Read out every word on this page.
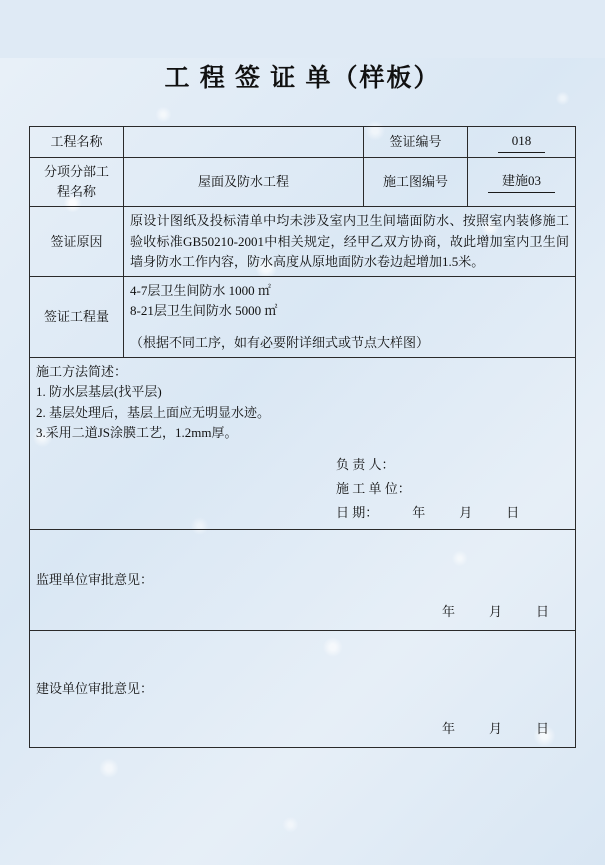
工 程 签 证 单（样板）
工程名称		签证编号	018

分项分部工
程名称	屋面及防水工程	施工图编号	建施03
签证原因	原设计图纸及投标清单中均未涉及室内卫生间墙面防水、按照室内装修施工验收标准GB50210-2001中相关规定，经甲乙双方协商，故此增加室内卫生间墙身防水工作内容，防水高度从原地面防水卷边起增加1.5米。		
签证工程量	4-7层卫生间防水 1000 ㎡
8-21层卫生间防水 5000 ㎡
（根据不同工序，如有必要附详细式或节点大样图）		

施工方法简述：
1. 防水层基层(找平层)
2. 基层处理后，基层上面应无明显水迹。
3.采用二道JS涂膜工艺，1.2mm厚。
负 责 人：
施 工 单 位：
日 期：	年	月	日

监理单位审批意见：
年 月 日			

建设单位审批意见：
年 月 日			
